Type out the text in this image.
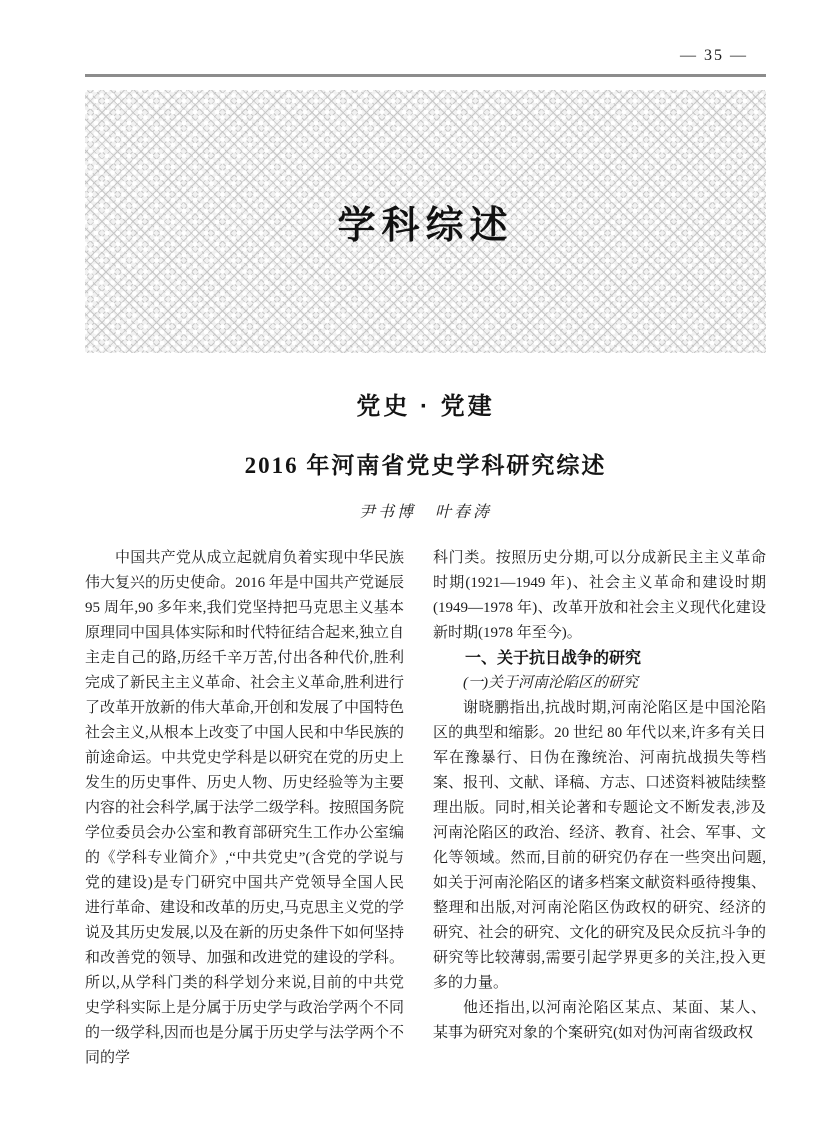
— 35 —
学科综述
党史 · 党建
2016 年河南省党史学科研究综述
尹书博　叶春涛

中国共产党从成立起就肩负着实现中华民族伟大复兴的历史使命。2016 年是中国共产党诞辰 95 周年,90 多年来,我们党坚持把马克思主义基本原理同中国具体实际和时代特征结合起来,独立自主走自己的路,历经千辛万苦,付出各种代价,胜利完成了新民主主义革命、社会主义革命,胜利进行了改革开放新的伟大革命,开创和发展了中国特色社会主义,从根本上改变了中国人民和中华民族的前途命运。中共党史学科是以研究在党的历史上发生的历史事件、历史人物、历史经验等为主要内容的社会科学,属于法学二级学科。按照国务院学位委员会办公室和教育部研究生工作办公室编的《学科专业简介》,“中共党史”(含党的学说与党的建设)是专门研究中国共产党领导全国人民进行革命、建设和改革的历史,马克思主义党的学说及其历史发展,以及在新的历史条件下如何坚持和改善党的领导、加强和改进党的建设的学科。所以,从学科门类的科学划分来说,目前的中共党史学科实际上是分属于历史学与政治学两个不同的一级学科,因而也是分属于历史学与法学两个不同的学

科门类。按照历史分期,可以分成新民主主义革命时期(1921—1949 年)、社会主义革命和建设时期(1949—1978 年)、改革开放和社会主义现代化建设新时期(1978 年至今)。

一、关于抗日战争的研究

(一)关于河南沦陷区的研究

谢晓鹏指出,抗战时期,河南沦陷区是中国沦陷区的典型和缩影。20 世纪 80 年代以来,许多有关日军在豫暴行、日伪在豫统治、河南抗战损失等档案、报刊、文献、译稿、方志、口述资料被陆续整理出版。同时,相关论著和专题论文不断发表,涉及河南沦陷区的政治、经济、教育、社会、军事、文化等领域。然而,目前的研究仍存在一些突出问题,如关于河南沦陷区的诸多档案文献资料亟待搜集、整理和出版,对河南沦陷区伪政权的研究、经济的研究、社会的研究、文化的研究及民众反抗斗争的研究等比较薄弱,需要引起学界更多的关注,投入更多的力量。

他还指出,以河南沦陷区某点、某面、某人、某事为研究对象的个案研究(如对伪河南省级政权
